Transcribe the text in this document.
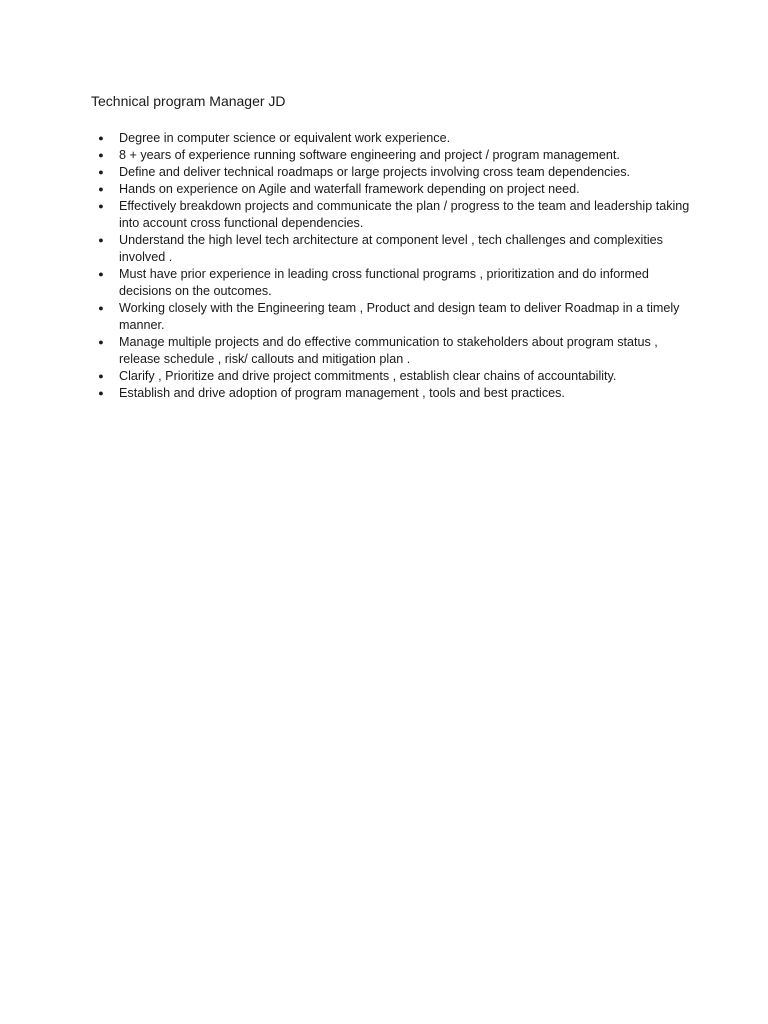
Technical program Manager JD
● Degree in computer science or equivalent work experience.
● 8 + years of experience running software engineering and project / program management.
● Define and deliver technical roadmaps or large projects involving cross team dependencies.
● Hands on experience on Agile and waterfall framework depending on project need.
● Effectively breakdown projects and communicate the plan / progress to the team and leadership taking into account cross functional dependencies.
● Understand the high level tech architecture at component level , tech challenges and complexities involved .
● Must have prior experience in leading cross functional programs , prioritization and do informed decisions on the outcomes.
● Working closely with the Engineering team , Product and design team to deliver Roadmap in a timely manner.
● Manage multiple projects and do effective communication to stakeholders about program status , release schedule , risk/ callouts and mitigation plan .
● Clarify , Prioritize and drive project commitments , establish clear chains of accountability.
● Establish and drive adoption of program management , tools and best practices.
